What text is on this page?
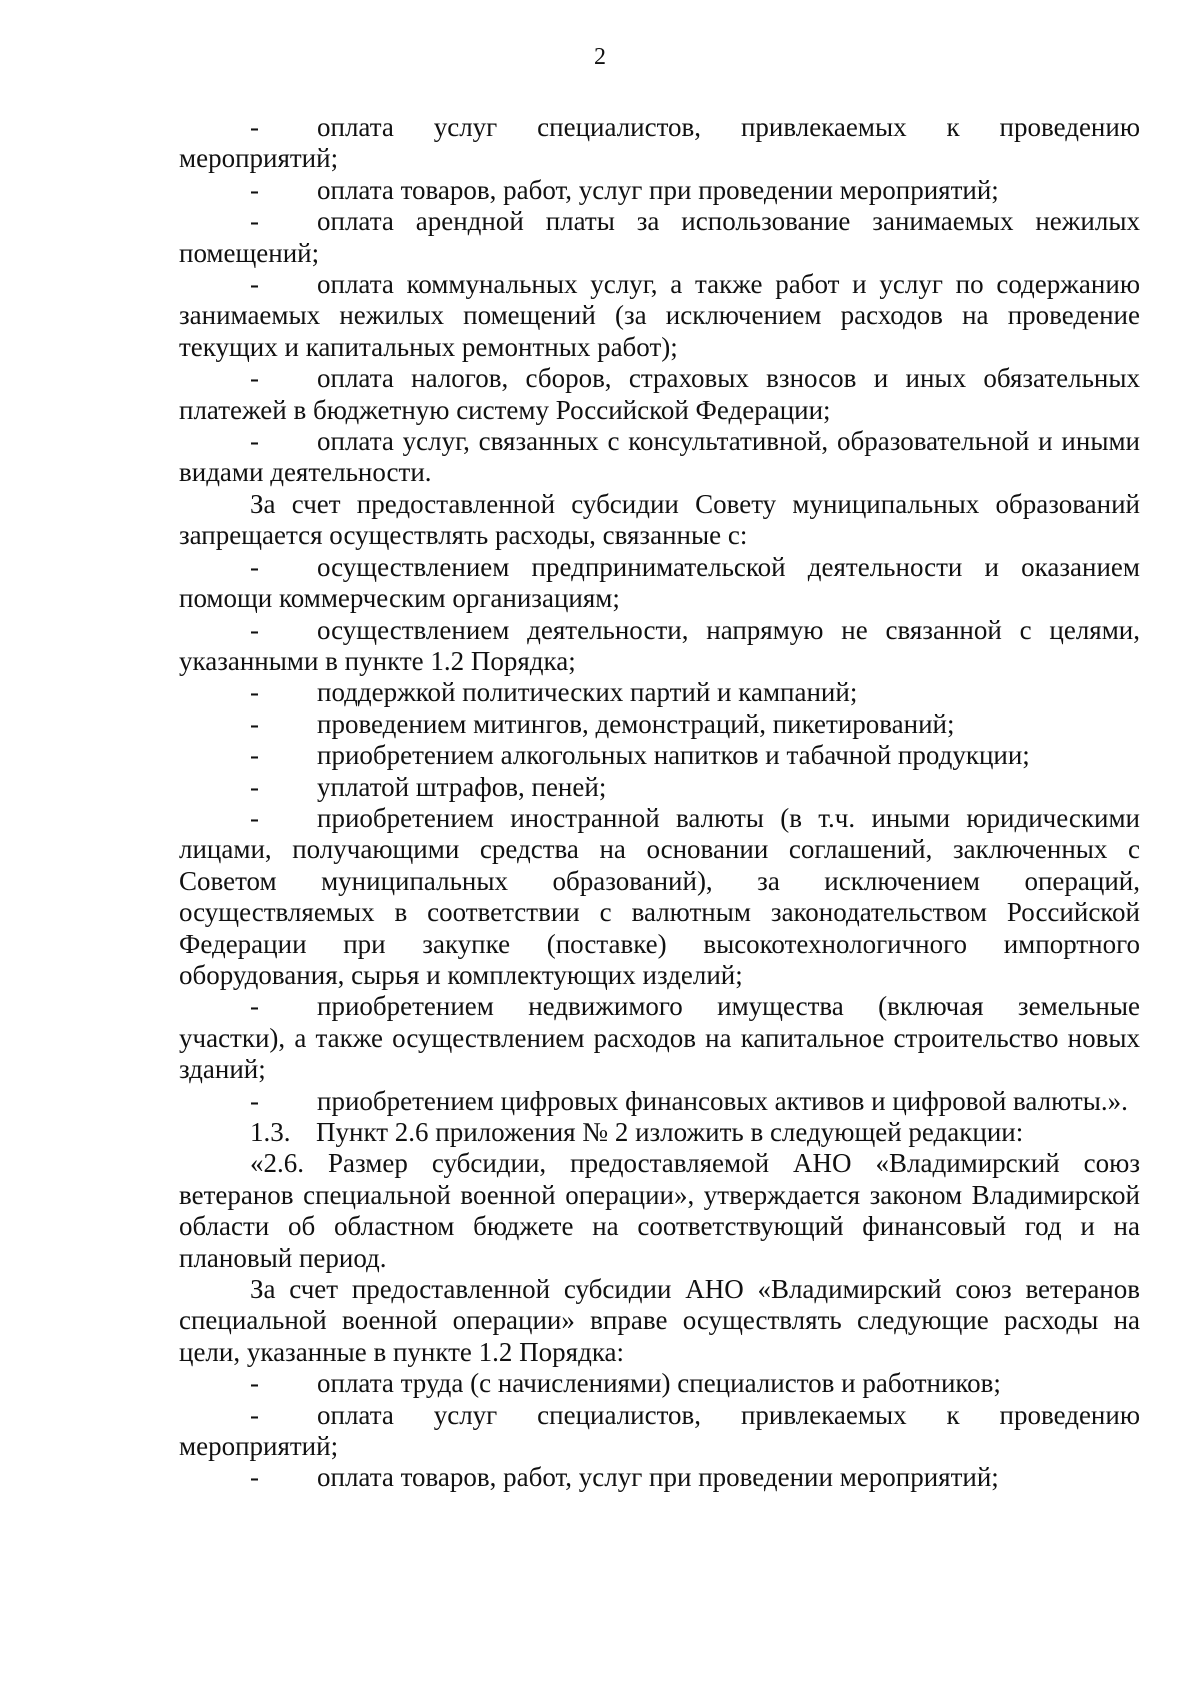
2

-	оплата услуг специалистов, привлекаемых к проведению мероприятий;

-	оплата товаров, работ, услуг при проведении мероприятий;

-	оплата арендной платы за использование занимаемых нежилых помещений;

-	оплата коммунальных услуг, а также работ и услуг по содержанию занимаемых нежилых помещений (за исключением расходов на проведение текущих и капитальных ремонтных работ);

-	оплата налогов, сборов, страховых взносов и иных обязательных платежей в бюджетную систему Российской Федерации;

-	оплата услуг, связанных с консультативной, образовательной и иными видами деятельности.

За счет предоставленной субсидии Совету муниципальных образований запрещается осуществлять расходы, связанные с:

-	осуществлением предпринимательской деятельности и оказанием помощи коммерческим организациям;

-	осуществлением деятельности, напрямую не связанной с целями, указанными в пункте 1.2 Порядка;

-	поддержкой политических партий и кампаний;

-	проведением митингов, демонстраций, пикетирований;

-	приобретением алкогольных напитков и табачной продукции;

-	уплатой штрафов, пеней;

-	приобретением иностранной валюты (в т.ч. иными юридическими лицами, получающими средства на основании соглашений, заключенных с Советом муниципальных образований), за исключением операций, осуществляемых в соответствии с валютным законодательством Российской Федерации при закупке (поставке) высокотехнологичного импортного оборудования, сырья и комплектующих изделий;

-	приобретением недвижимого имущества (включая земельные участки), а также осуществлением расходов на капитальное строительство новых зданий;

-	приобретением цифровых финансовых активов и цифровой валюты.».

1.3. Пункт 2.6 приложения № 2 изложить в следующей редакции:

«2.6. Размер субсидии, предоставляемой АНО «Владимирский союз ветеранов специальной военной операции», утверждается законом Владимирской области об областном бюджете на соответствующий финансовый год и на плановый период.

За счет предоставленной субсидии АНО «Владимирский союз ветеранов специальной военной операции» вправе осуществлять следующие расходы на цели, указанные в пункте 1.2 Порядка:

-	оплата труда (с начислениями) специалистов и работников;

-	оплата услуг специалистов, привлекаемых к проведению мероприятий;

-	оплата товаров, работ, услуг при проведении мероприятий;
